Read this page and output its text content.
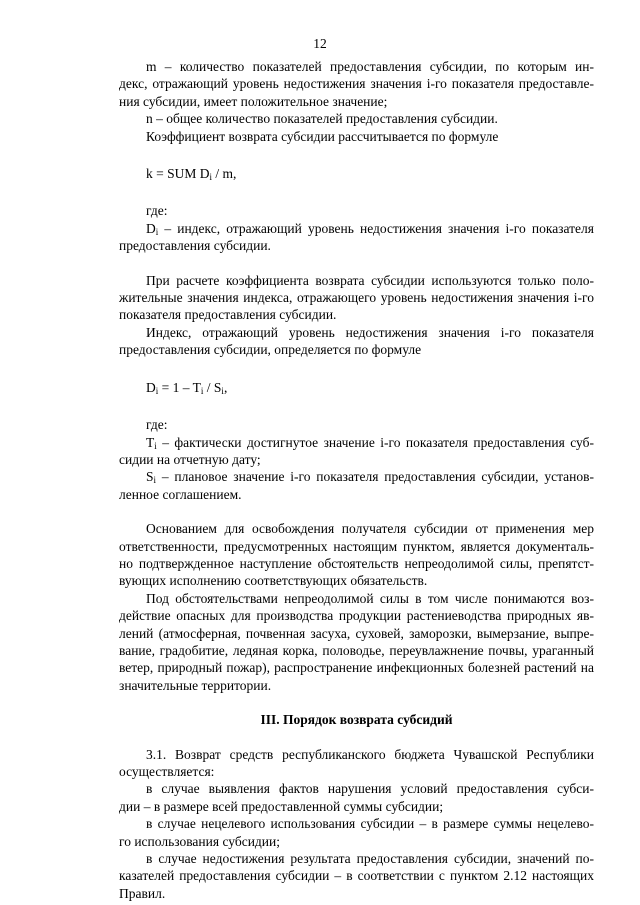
12
m – количество показателей предоставления субсидии, по которым ин-
декс, отражающий уровень недостижения значения i-го показателя предоставле-
ния субсидии, имеет положительное значение;
n – общее количество показателей предоставления субсидии.
Коэффициент возврата субсидии рассчитывается по формуле

k = SUM $D_i$ / m,

где:
$D_i$ – индекс, отражающий уровень недостижения значения i-го показателя
предоставления субсидии.
При расчете коэффициента возврата субсидии используются только поло-
жительные значения индекса, отражающего уровень недостижения значения i-го
показателя предоставления субсидии.
Индекс, отражающий уровень недостижения значения i-го показателя
предоставления субсидии, определяется по формуле

$D_i = 1 - T_i / S_i$,

где:
$T_i$ – фактически достигнутое значение i-го показателя предоставления суб-
сидии на отчетную дату;
$S_i$ – плановое значение i-го показателя предоставления субсидии, установ-
ленное соглашением.
Основанием для освобождения получателя субсидии от применения мер
ответственности, предусмотренных настоящим пунктом, является документаль-
но подтвержденное наступление обстоятельств непреодолимой силы, препятст-
вующих исполнению соответствующих обязательств.
Под обстоятельствами непреодолимой силы в том числе понимаются воз-
действие опасных для производства продукции растениеводства природных яв-
лений (атмосферная, почвенная засуха, суховей, заморозки, вымерзание, выпре-
вание, градобитие, ледяная корка, половодье, переувлажнение почвы, ураганный
ветер, природный пожар), распространение инфекционных болезней растений на
значительные территории.

III. Порядок возврата субсидий

3.1. Возврат средств республиканского бюджета Чувашской Республики
осуществляется:
в случае выявления фактов нарушения условий предоставления субси-
дии – в размере всей предоставленной суммы субсидии;
в случае нецелевого использования субсидии – в размере суммы нецелево-
го использования субсидии;
в случае недостижения результата предоставления субсидии, значений по-
казателей предоставления субсидии – в соответствии с пунктом 2.12 настоящих
Правил.
